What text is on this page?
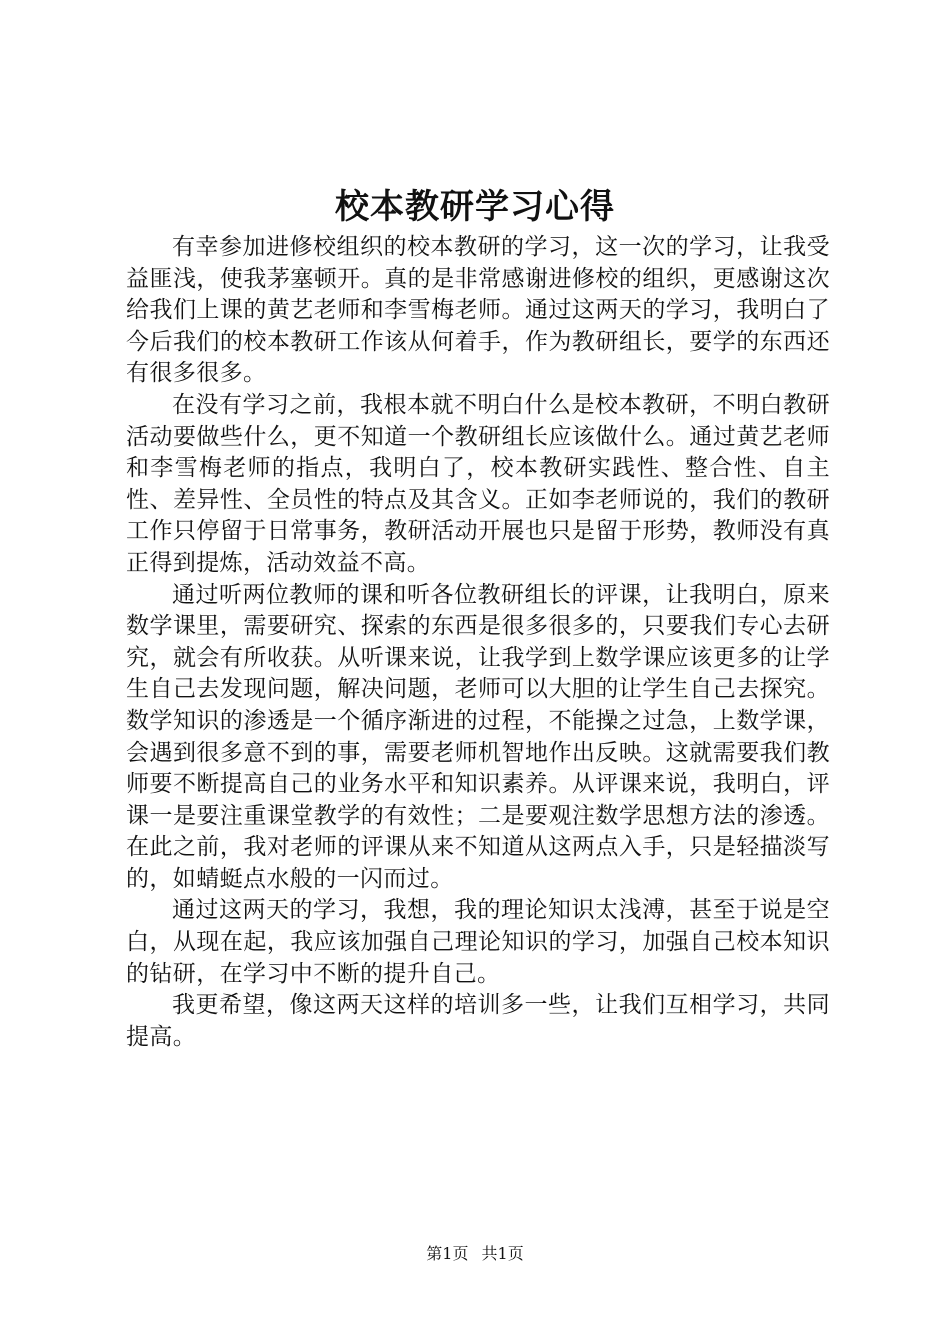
校本教研学习心得

有幸参加进修校组织的校本教研的学习，这一次的学习，让我受益匪浅，使我茅塞顿开。真的是非常感谢进修校的组织，更感谢这次给我们上课的黄艺老师和李雪梅老师。通过这两天的学习，我明白了今后我们的校本教研工作该从何着手，作为教研组长，要学的东西还有很多很多。

在没有学习之前，我根本就不明白什么是校本教研，不明白教研活动要做些什么，更不知道一个教研组长应该做什么。通过黄艺老师和李雪梅老师的指点，我明白了，校本教研实践性、整合性、自主性、差异性、全员性的特点及其含义。正如李老师说的，我们的教研工作只停留于日常事务，教研活动开展也只是留于形势，教师没有真正得到提炼，活动效益不高。

通过听两位教师的课和听各位教研组长的评课，让我明白，原来数学课里，需要研究、探索的东西是很多很多的，只要我们专心去研究，就会有所收获。从听课来说，让我学到上数学课应该更多的让学生自己去发现问题，解决问题，老师可以大胆的让学生自己去探究。数学知识的渗透是一个循序渐进的过程，不能操之过急，上数学课，会遇到很多意不到的事，需要老师机智地作出反映。这就需要我们教师要不断提高自己的业务水平和知识素养。从评课来说，我明白，评课一是要注重课堂教学的有效性；二是要观注数学思想方法的渗透。在此之前，我对老师的评课从来不知道从这两点入手，只是轻描淡写的，如蜻蜓点水般的一闪而过。

通过这两天的学习，我想，我的理论知识太浅溥，甚至于说是空白，从现在起，我应该加强自己理论知识的学习，加强自己校本知识的钻研，在学习中不断的提升自己。

我更希望，像这两天这样的培训多一些，让我们互相学习，共同提高。

第1页 共1页
